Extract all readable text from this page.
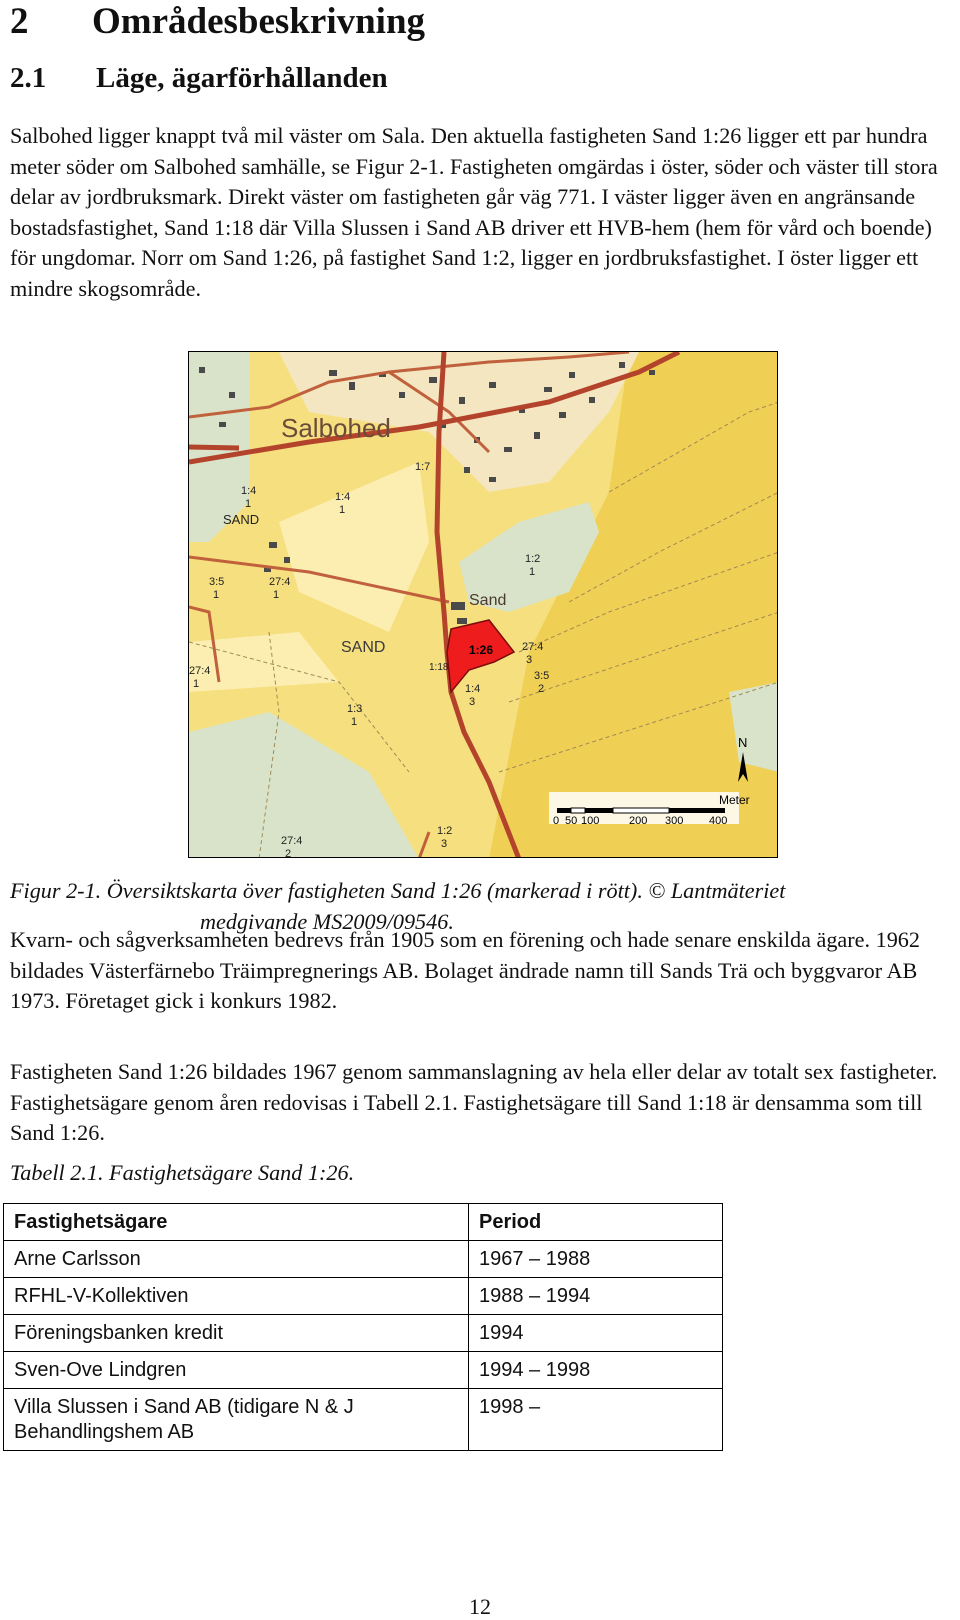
2 Områdesbeskrivning
2.1 Läge, ägarförhållanden

Salbohed ligger knappt två mil väster om Sala. Den aktuella fastigheten Sand 1:26 ligger ett par hundra meter söder om Salbohed samhälle, se Figur 2-1. Fastigheten omgärdas i öster, söder och väster till stora delar av jordbruksmark. Direkt väster om fastigheten går väg 771. I väster ligger även en angränsande bostadsfastighet, Sand 1:18 där Villa Slussen i Sand AB driver ett HVB-hem (hem för vård och boende) för ungdomar. Norr om Sand 1:26, på fastighet Sand 1:2, ligger en jordbruksfastighet. I öster ligger ett mindre skogsområde.

1:26
Salbohed
Sand
SAND
SAND
1:4
1
3:5
1
27:4
1
1:4
1
1:2
1
27:4
3
3:5
2
1:4
3
1:3
1
27:4
1
27:4
2
1:2
3
1:7
1:18
N
Meter
0 50 100	200 300 400
Figur 2-1. Översiktskarta över fastigheten Sand 1:26 (markerad i rött). © Lantmäteriet
medgivande MS2009/09546.

Kvarn- och sågverksamheten bedrevs från 1905 som en förening och hade senare enskilda ägare. 1962 bildades Västerfärnebo Träimpregnerings AB. Bolaget ändrade namn till Sands Trä och byggvaror AB 1973. Företaget gick i konkurs 1982.

Fastigheten Sand 1:26 bildades 1967 genom sammanslagning av hela eller delar av totalt sex fastigheter. Fastighetsägare genom åren redovisas i Tabell 2.1. Fastighetsägare till Sand 1:18 är densamma som till Sand 1:26.

Tabell 2.1. Fastighetsägare Sand 1:26.
Fastighetsägare	Period
Arne Carlsson	1967 – 1988
RFHL-V-Kollektiven	1988 – 1994
Föreningsbanken kredit	1994
Sven-Ove Lindgren	1994 – 1998
Villa Slussen i Sand AB (tidigare N & J Behandlingshem AB	1998 –
12
